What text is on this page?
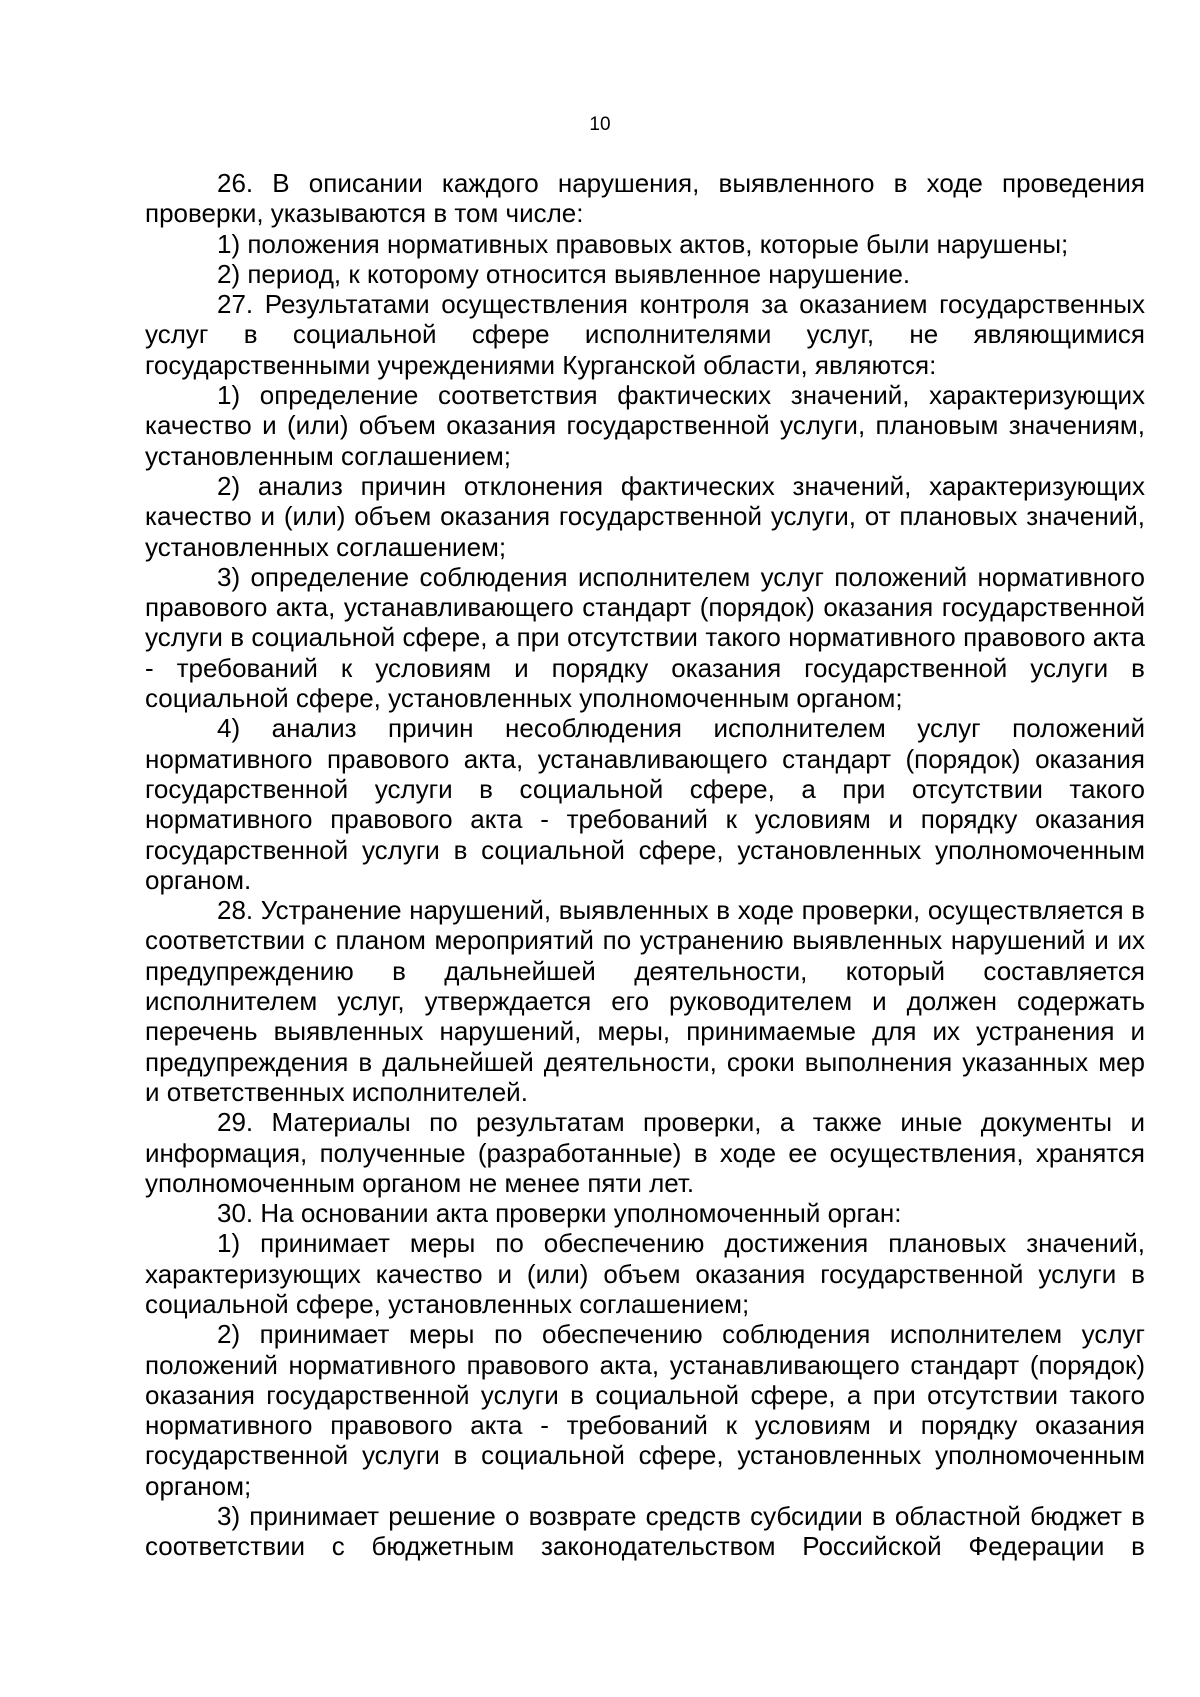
10

26. В описании каждого нарушения, выявленного в ходе проведения проверки, указываются в том числе:

1) положения нормативных правовых актов, которые были нарушены;

2) период, к которому относится выявленное нарушение.

27. Результатами осуществления контроля за оказанием государственных услуг в социальной сфере исполнителями услуг, не являющимися государственными учреждениями Курганской области, являются:

1) определение соответствия фактических значений, характеризующих качество и (или) объем оказания государственной услуги, плановым значениям, установленным соглашением;

2) анализ причин отклонения фактических значений, характеризующих качество и (или) объем оказания государственной услуги, от плановых значений, установленных соглашением;

3) определение соблюдения исполнителем услуг положений нормативного правового акта, устанавливающего стандарт (порядок) оказания государственной услуги в социальной сфере, а при отсутствии такого нормативного правового акта - требований к условиям и порядку оказания государственной услуги в социальной сфере, установленных уполномоченным органом;

4) анализ причин несоблюдения исполнителем услуг положений нормативного правового акта, устанавливающего стандарт (порядок) оказания государственной услуги в социальной сфере, а при отсутствии такого нормативного правового акта - требований к условиям и порядку оказания государственной услуги в социальной сфере, установленных уполномоченным органом.

28. Устранение нарушений, выявленных в ходе проверки, осуществляется в соответствии с планом мероприятий по устранению выявленных нарушений и их предупреждению в дальнейшей деятельности, который составляется исполнителем услуг, утверждается его руководителем и должен содержать перечень выявленных нарушений, меры, принимаемые для их устранения и предупреждения в дальнейшей деятельности, сроки выполнения указанных мер и ответственных исполнителей.

29. Материалы по результатам проверки, а также иные документы и информация, полученные (разработанные) в ходе ее осуществления, хранятся уполномоченным органом не менее пяти лет.

30. На основании акта проверки уполномоченный орган:

1) принимает меры по обеспечению достижения плановых значений, характеризующих качество и (или) объем оказания государственной услуги в социальной сфере, установленных соглашением;

2) принимает меры по обеспечению соблюдения исполнителем услуг положений нормативного правового акта, устанавливающего стандарт (порядок) оказания государственной услуги в социальной сфере, а при отсутствии такого нормативного правового акта - требований к условиям и порядку оказания государственной услуги в социальной сфере, установленных уполномоченным органом;

3) принимает решение о возврате средств субсидии в областной бюджет в соответствии с бюджетным законодательством Российской Федерации в
